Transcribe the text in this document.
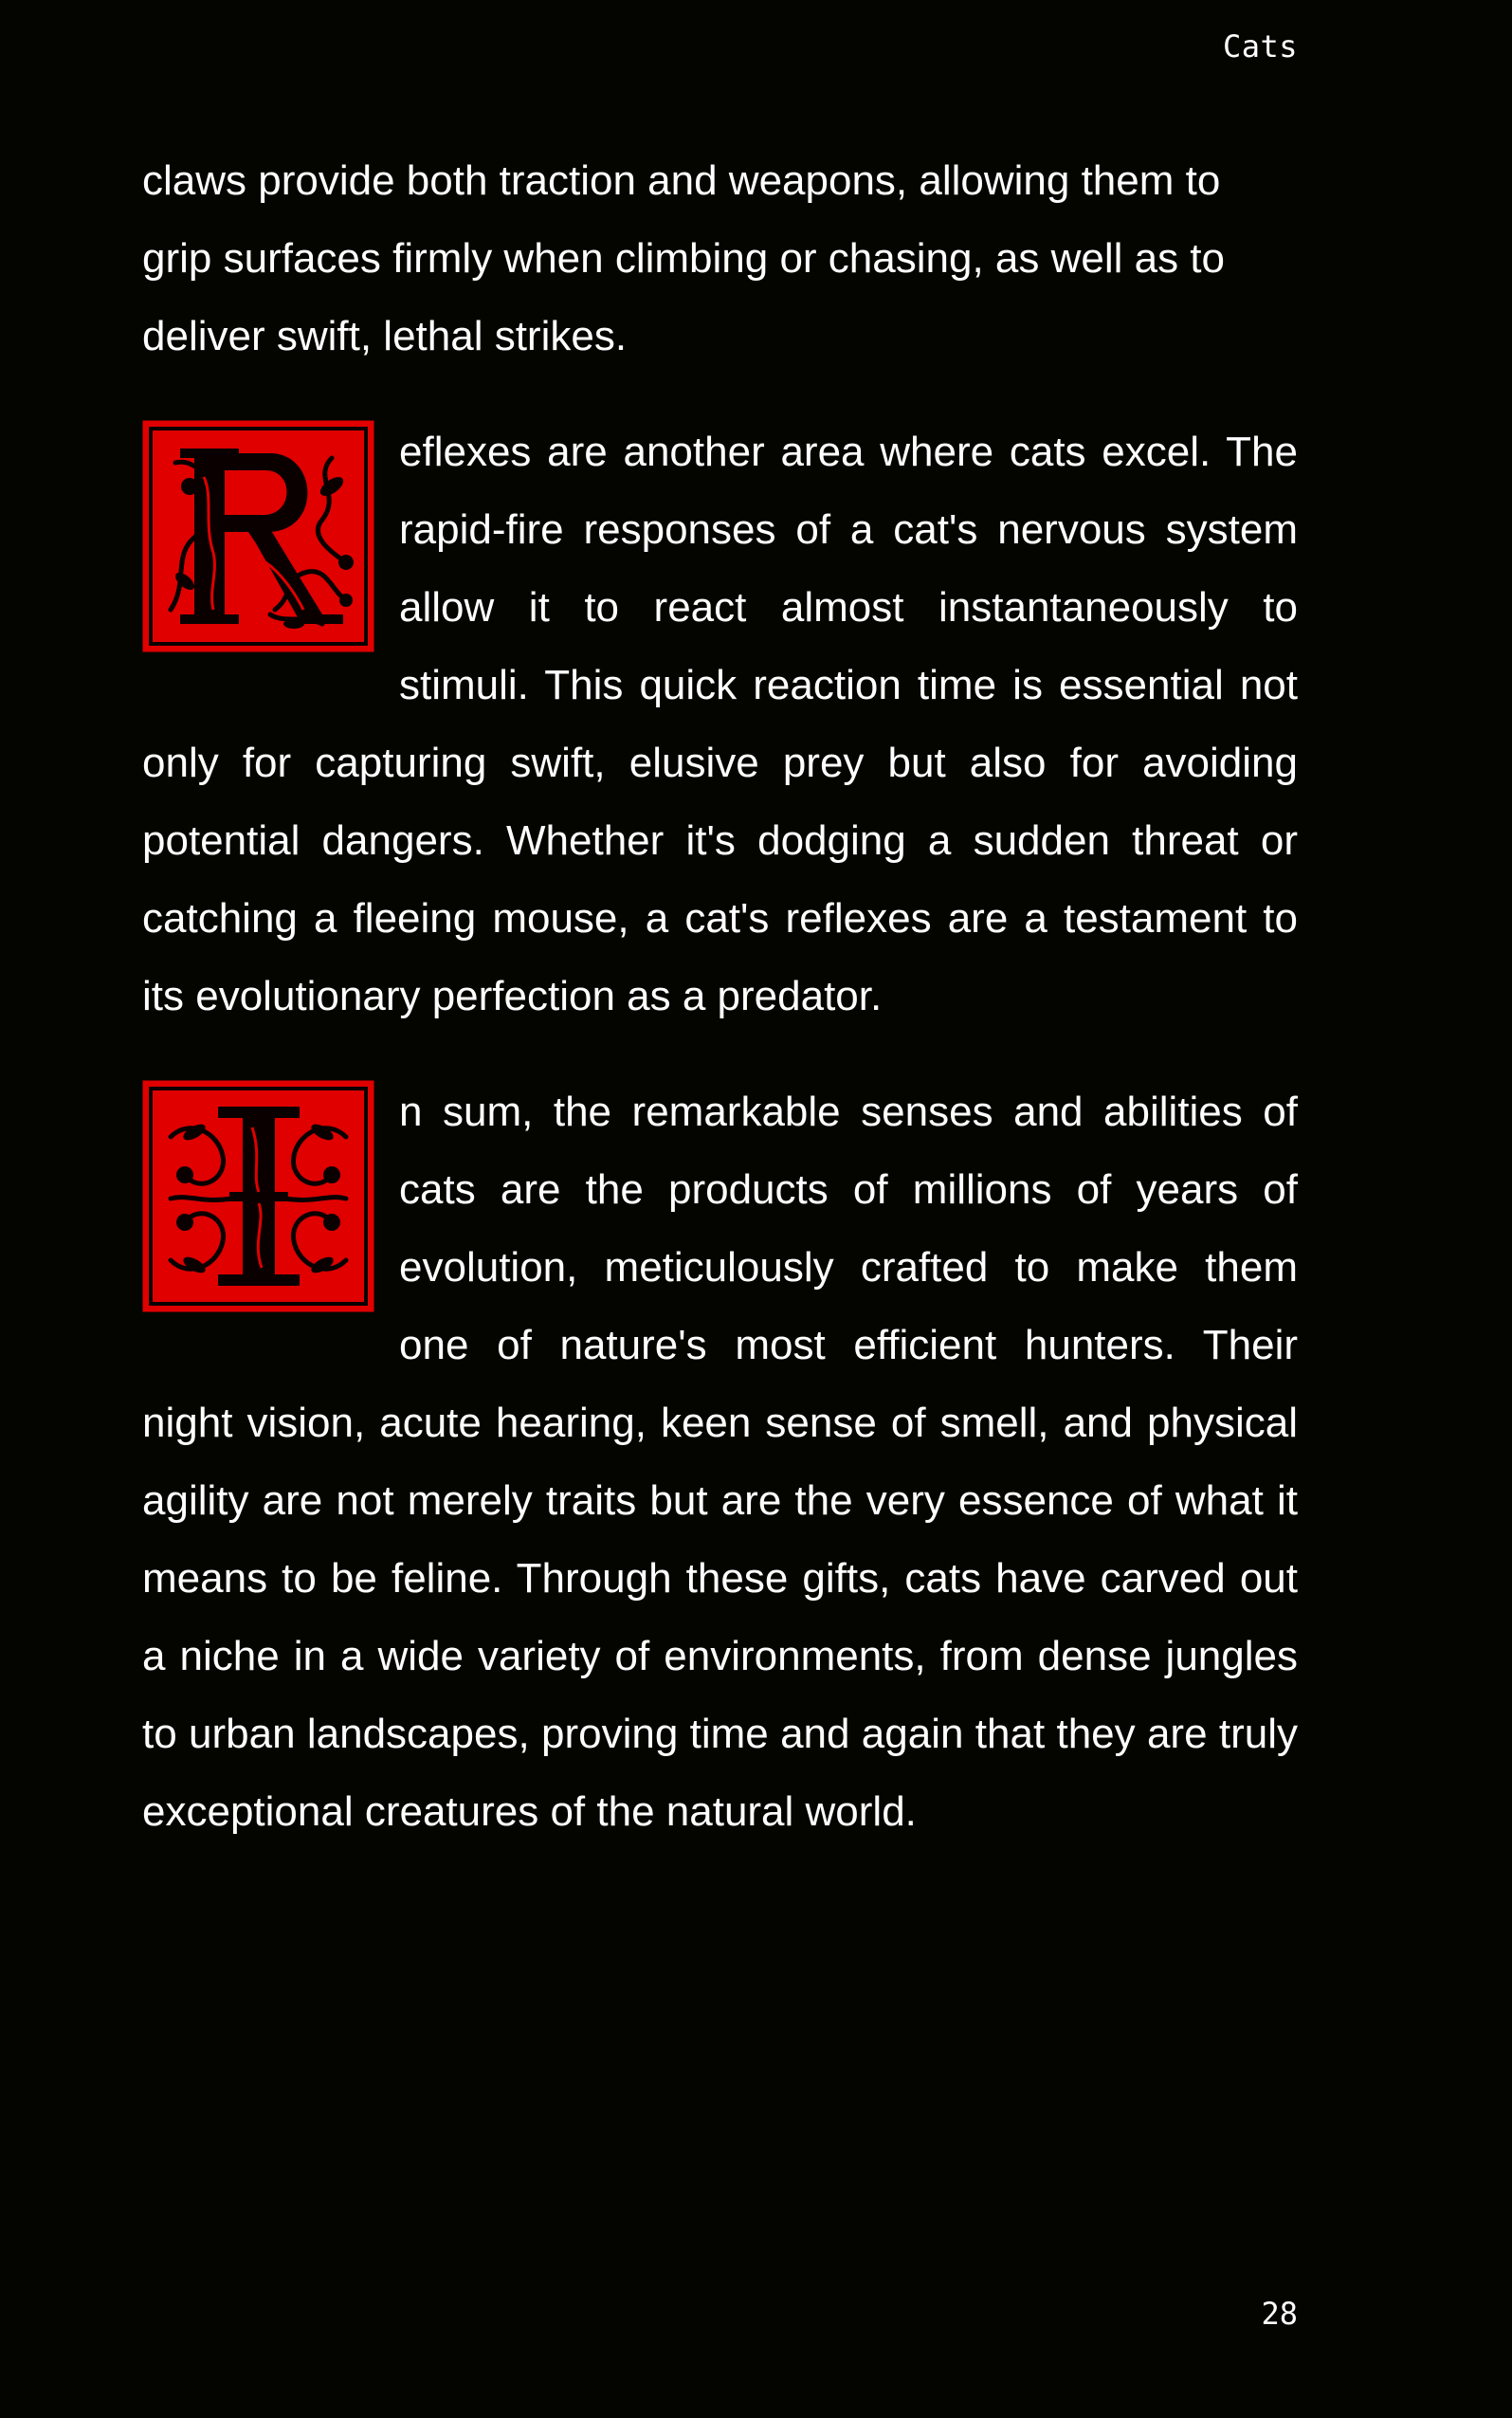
Cats

claws provide both traction and weapons, allowing them to grip surfaces firmly when climbing or chasing, as well as to deliver swift, lethal strikes.

eflexes are another area where cats excel. The rapid-fire responses of a cat's nervous system allow it to react almost instantaneously to stimuli. This quick reaction time is essential not only for capturing swift, elusive prey but also for avoiding potential dangers. Whether it's dodging a sudden threat or catching a fleeing mouse, a cat's reflexes are a testament to its evolutionary perfection as a predator.
n sum, the remarkable senses and abilities of cats are the products of millions of years of evolution, meticulously crafted to make them one of nature's most efficient hunters. Their night vision, acute hearing, keen sense of smell, and physical agility are not merely traits but are the very essence of what it means to be feline. Through these gifts, cats have carved out a niche in a wide variety of environments, from dense jungles to urban landscapes, proving time and again that they are truly exceptional creatures of the natural world.
28
